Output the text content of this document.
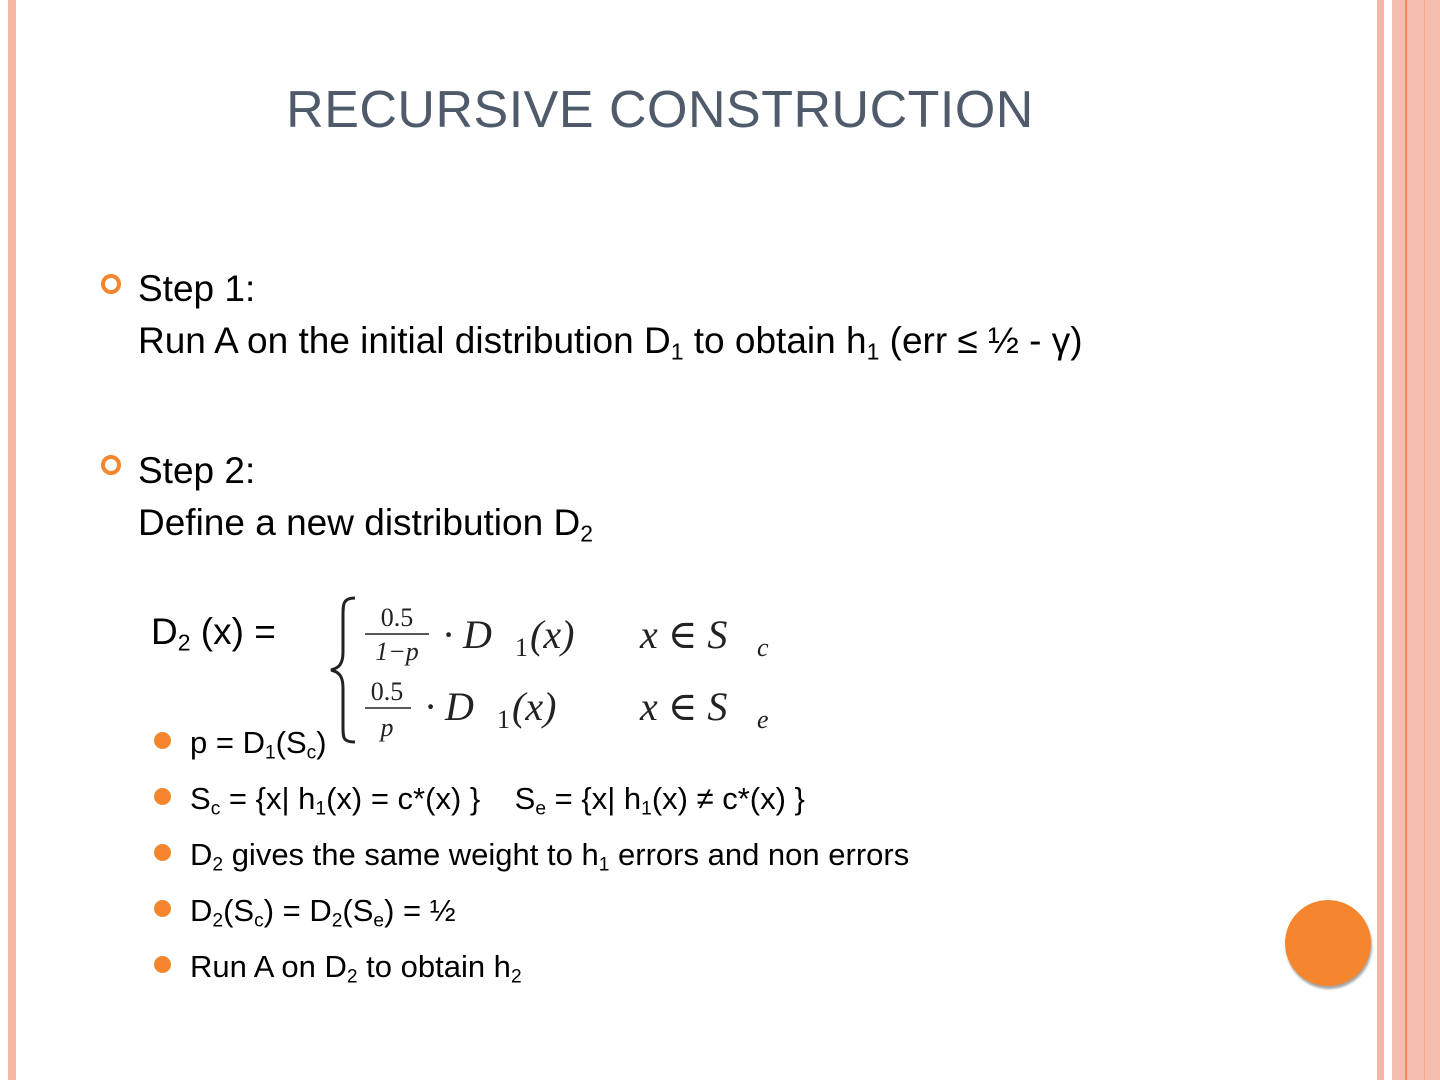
RECURSIVE CONSTRUCTION
Step 1:
Run A on the initial distribution $D_1$ to obtain $h_1$ (err ≤ ½ - γ)
Step 2:
Define a new distribution $D_2$
$D_2$ (x) =	0.5
1−p · D 1 (x) x ∈ S c
0.5
p · D 1 (x) x ∈ S e
$p = D_1(S_c)$
$S_c = \{x|$ $h_1(x) = c*(x)$ }    $S_e = \{x|$ $h_1(x) \ne c*(x)$ }
$D_2$ gives the same weight to $h_1$ errors and non errors
$D_2(S_c) = D_2(S_e)$ = ½
Run A on $D_2$ to obtain $h_2$
